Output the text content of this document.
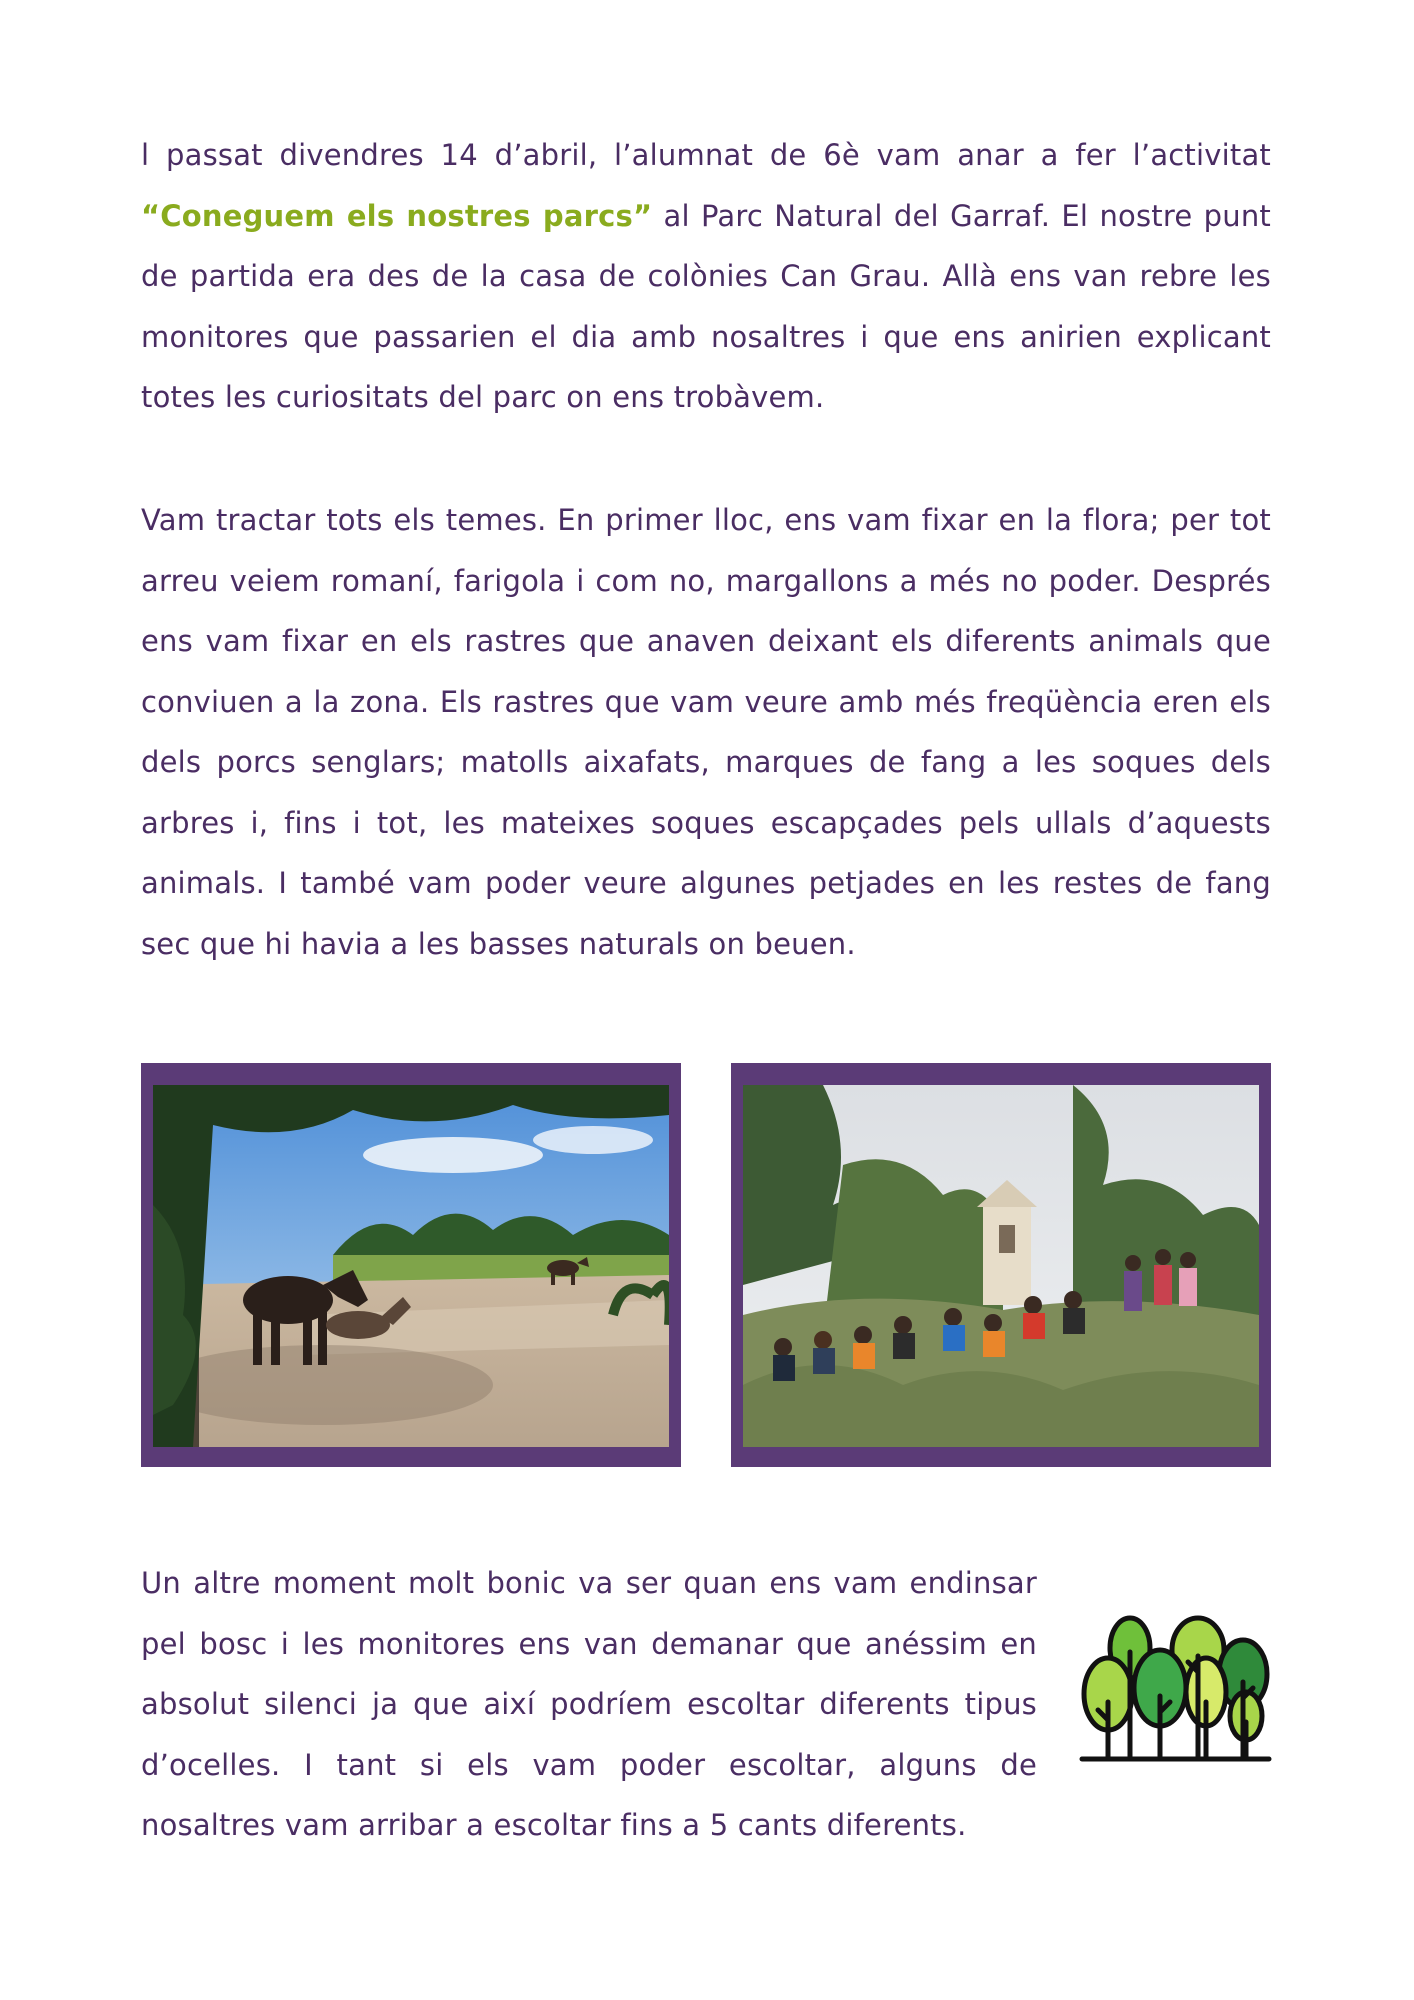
l passat divendres 14 d’abril, l’alumnat de 6è vam anar a fer l’activitat “Coneguem els nostres parcs” al Parc Natural del Garraf. El nostre punt de partida era des de la casa de colònies Can Grau. Allà ens van rebre les monitores que passarien el dia amb nosaltres i que ens anirien explicant totes les curiositats del parc on ens trobàvem.

Vam tractar tots els temes. En primer lloc, ens vam fixar en la flora; per tot arreu veiem romaní, farigola i com no, margallons a més no poder. Després ens vam fixar en els rastres que anaven deixant els diferents animals que conviuen a la zona. Els rastres que vam veure amb més freqüència eren els dels porcs senglars; matolls aixafats, marques de fang a les soques dels arbres i, fins i tot, les mateixes soques escapçades pels ullals d’aquests animals. I també vam poder veure algunes petjades en les restes de fang sec que hi havia a les basses naturals on beuen.

Un altre moment molt bonic va ser quan ens vam endinsar pel bosc i les monitores ens van demanar que anéssim en absolut silenci ja que així podríem escoltar diferents tipus d’ocelles. I tant si els vam poder escoltar, alguns de nosaltres vam arribar a escoltar fins a 5 cants diferents.
